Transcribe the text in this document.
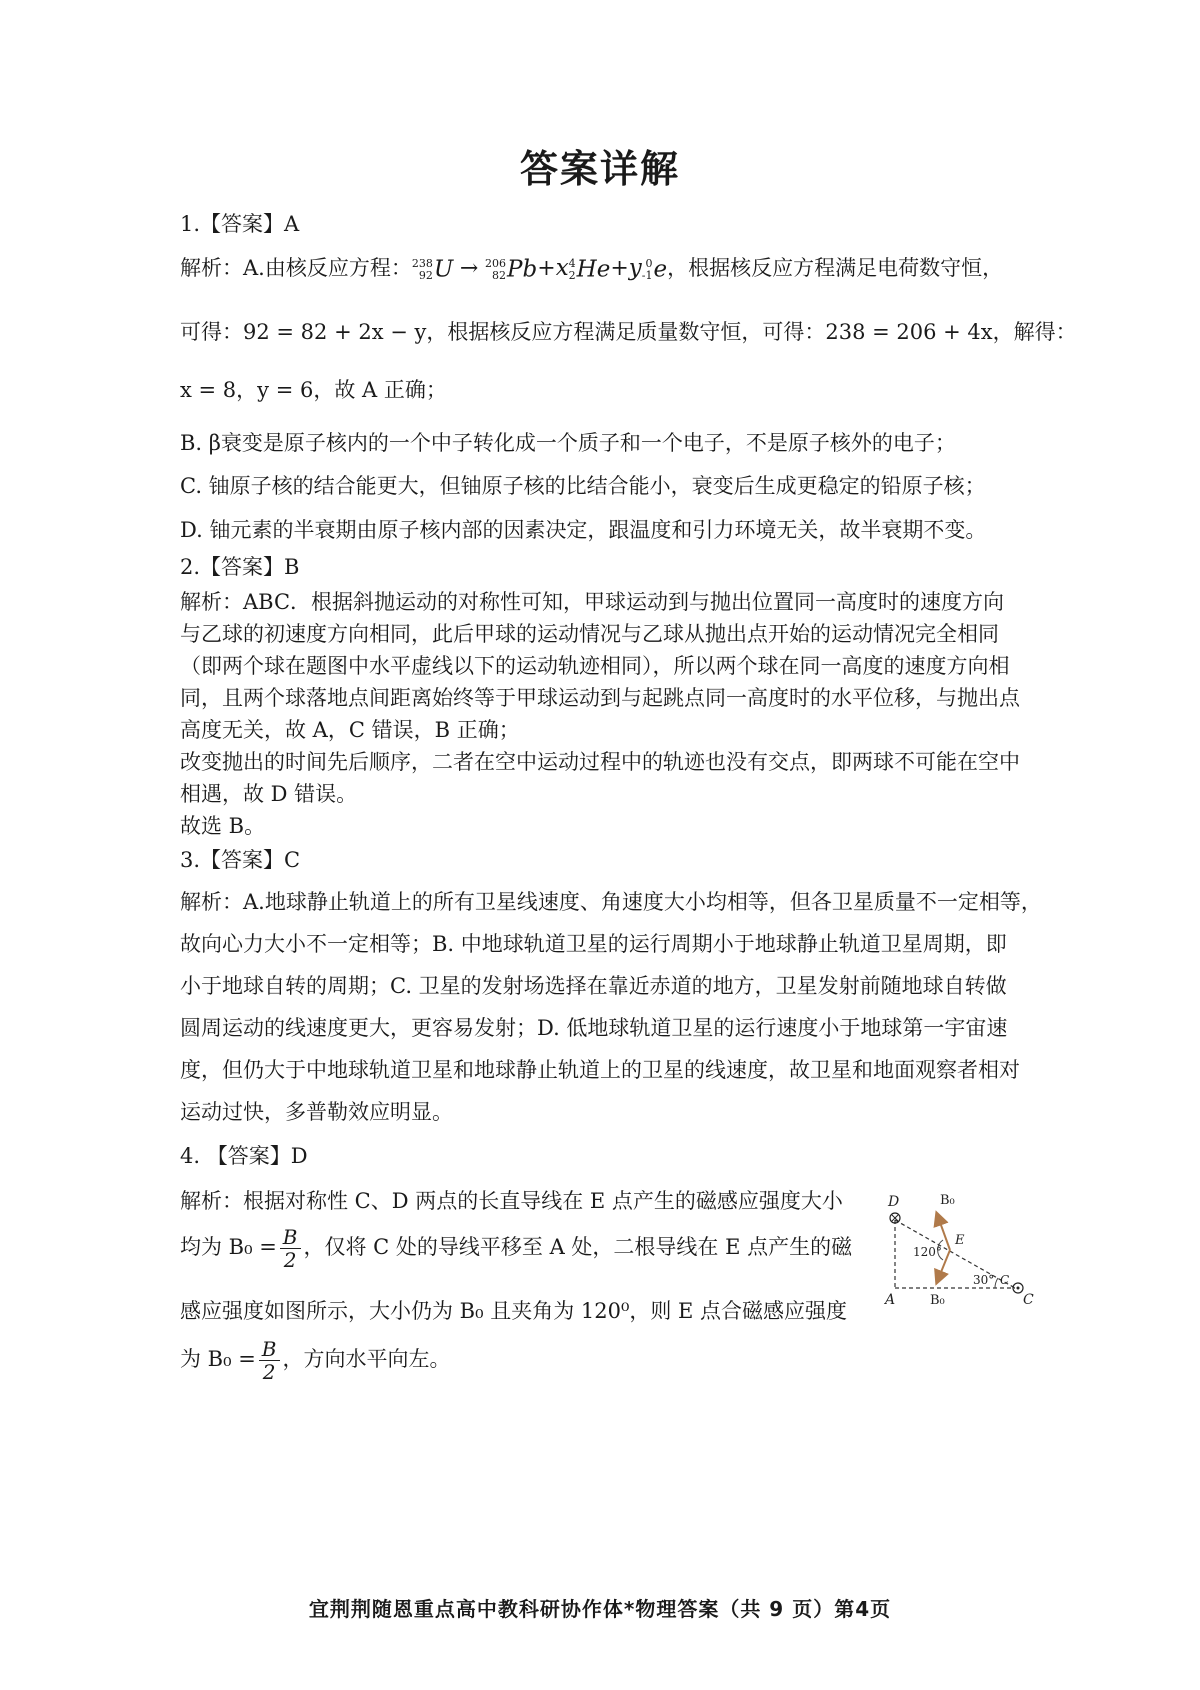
答案详解
1.【答案】A
解析：A.由核反应方程： 238
92 U → 206
82 Pb+x 4
2 He+y 0
-1 e，根据核反应方程满足电荷数守恒，
可得：92 = 82 + 2x − y，根据核反应方程满足质量数守恒，可得：238 = 206 + 4x，解得：
x = 8，y = 6，故 A 正确；
B. β衰变是原子核内的一个中子转化成一个质子和一个电子，不是原子核外的电子；
C. 铀原子核的结合能更大，但铀原子核的比结合能小，衰变后生成更稳定的铅原子核；
D. 铀元素的半衰期由原子核内部的因素决定，跟温度和引力环境无关，故半衰期不变。
2.【答案】B
解析：ABC．根据斜抛运动的对称性可知，甲球运动到与抛出位置同一高度时的速度方向
与乙球的初速度方向相同，此后甲球的运动情况与乙球从抛出点开始的运动情况完全相同
（即两个球在题图中水平虚线以下的运动轨迹相同），所以两个球在同一高度的速度方向相
同，且两个球落地点间距离始终等于甲球运动到与起跳点同一高度时的水平位移，与抛出点
高度无关，故 A，C 错误，B 正确；
改变抛出的时间先后顺序，二者在空中运动过程中的轨迹也没有交点，即两球不可能在空中
相遇，故 D 错误。
故选 B。
3.【答案】C
解析：A.地球静止轨道上的所有卫星线速度、角速度大小均相等，但各卫星质量不一定相等，
故向心力大小不一定相等；B. 中地球轨道卫星的运行周期小于地球静止轨道卫星周期，即
小于地球自转的周期；C. 卫星的发射场选择在靠近赤道的地方，卫星发射前随地球自转做
圆周运动的线速度更大，更容易发射；D. 低地球轨道卫星的运行速度小于地球第一宇宙速
度，但仍大于中地球轨道卫星和地球静止轨道上的卫星的线速度，故卫星和地面观察者相对
运动过快，多普勒效应明显。
4. 【答案】D
解析：根据对称性 C、D 两点的长直导线在 E 点产生的磁感应强度大小
均为 $B_0 = \frac{B}{2}$ ，仅将 C 处的导线平移至 A 处，二根导线在 E 点产生的磁
感应强度如图所示，大小仍为 B₀ 且夹角为 120⁰，则 E 点合磁感应强度
为 $B_0 = \frac{B}{2}$ ，方向水平向左。
D
A	C
E
B₀
B₀
120°
30° C
宜荆荆随恩重点高中教科研协作体*物理答案（共 9 页）第4页
